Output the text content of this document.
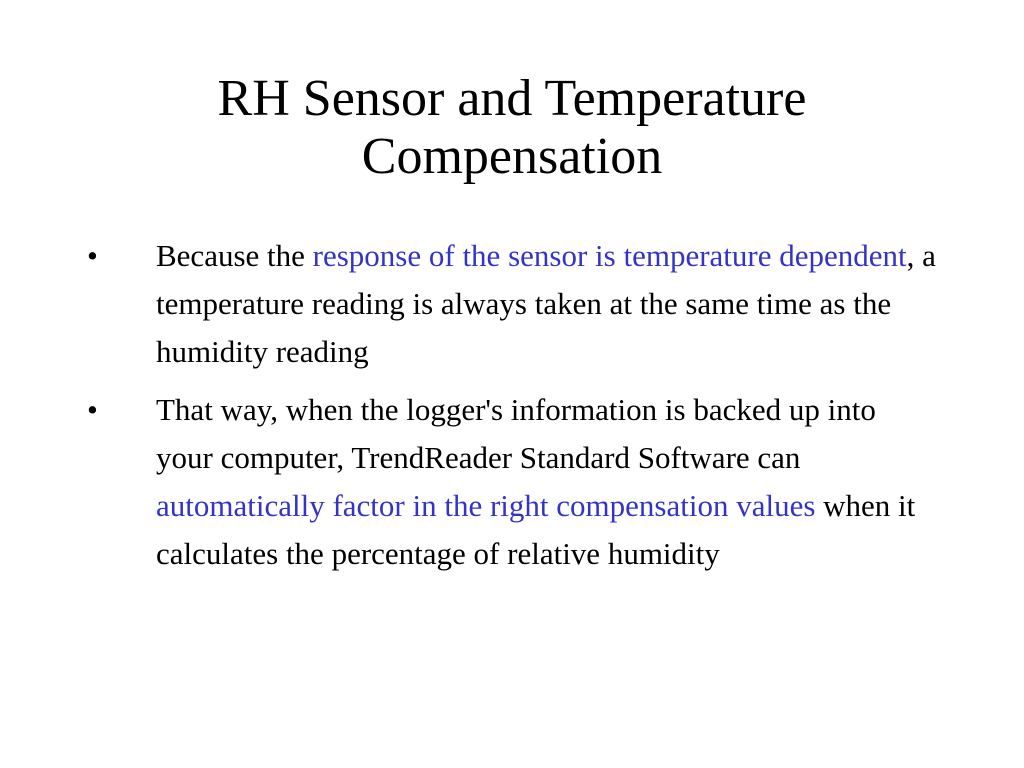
RH Sensor and Temperature
Compensation
• Because the response of the sensor is temperature dependent, a temperature reading is always taken at the same time as the humidity reading
• That way, when the logger's information is backed up into your computer, TrendReader Standard Software can automatically factor in the right compensation values when it calculates the percentage of relative humidity
